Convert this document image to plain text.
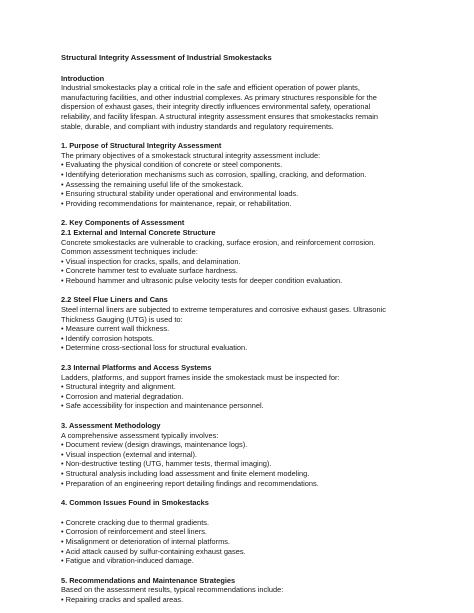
Structural Integrity Assessment of Industrial Smokestacks

Introduction

Industrial smokestacks play a critical role in the safe and efficient operation of power plants,

manufacturing facilities, and other industrial complexes. As primary structures responsible for the

dispersion of exhaust gases, their integrity directly influences environmental safety, operational

reliability, and facility lifespan. A structural integrity assessment ensures that smokestacks remain

stable, durable, and compliant with industry standards and regulatory requirements.

1. Purpose of Structural Integrity Assessment

The primary objectives of a smokestack structural integrity assessment include:

• Evaluating the physical condition of concrete or steel components.
• Identifying deterioration mechanisms such as corrosion, spalling, cracking, and deformation.
• Assessing the remaining useful life of the smokestack.
• Ensuring structural stability under operational and environmental loads.
• Providing recommendations for maintenance, repair, or rehabilitation.

2. Key Components of Assessment

2.1 External and Internal Concrete Structure

Concrete smokestacks are vulnerable to cracking, surface erosion, and reinforcement corrosion.

Common assessment techniques include:

• Visual inspection for cracks, spalls, and delamination.
• Concrete hammer test to evaluate surface hardness.
• Rebound hammer and ultrasonic pulse velocity tests for deeper condition evaluation.

2.2 Steel Flue Liners and Cans

Steel internal liners are subjected to extreme temperatures and corrosive exhaust gases. Ultrasonic

Thickness Gauging (UTG) is used to:

• Measure current wall thickness.
• Identify corrosion hotspots.
• Determine cross-sectional loss for structural evaluation.

2.3 Internal Platforms and Access Systems

Ladders, platforms, and support frames inside the smokestack must be inspected for:

• Structural integrity and alignment.
• Corrosion and material degradation.
• Safe accessibility for inspection and maintenance personnel.

3. Assessment Methodology

A comprehensive assessment typically involves:

• Document review (design drawings, maintenance logs).
• Visual inspection (external and internal).
• Non-destructive testing (UTG, hammer tests, thermal imaging).
• Structural analysis including load assessment and finite element modeling.
• Preparation of an engineering report detailing findings and recommendations.

4. Common Issues Found in Smokestacks

• Concrete cracking due to thermal gradients.
• Corrosion of reinforcement and steel liners.
• Misalignment or deterioration of internal platforms.
• Acid attack caused by sulfur-containing exhaust gases.
• Fatigue and vibration-induced damage.

5. Recommendations and Maintenance Strategies

Based on the assessment results, typical recommendations include:

• Repairing cracks and spalled areas.
